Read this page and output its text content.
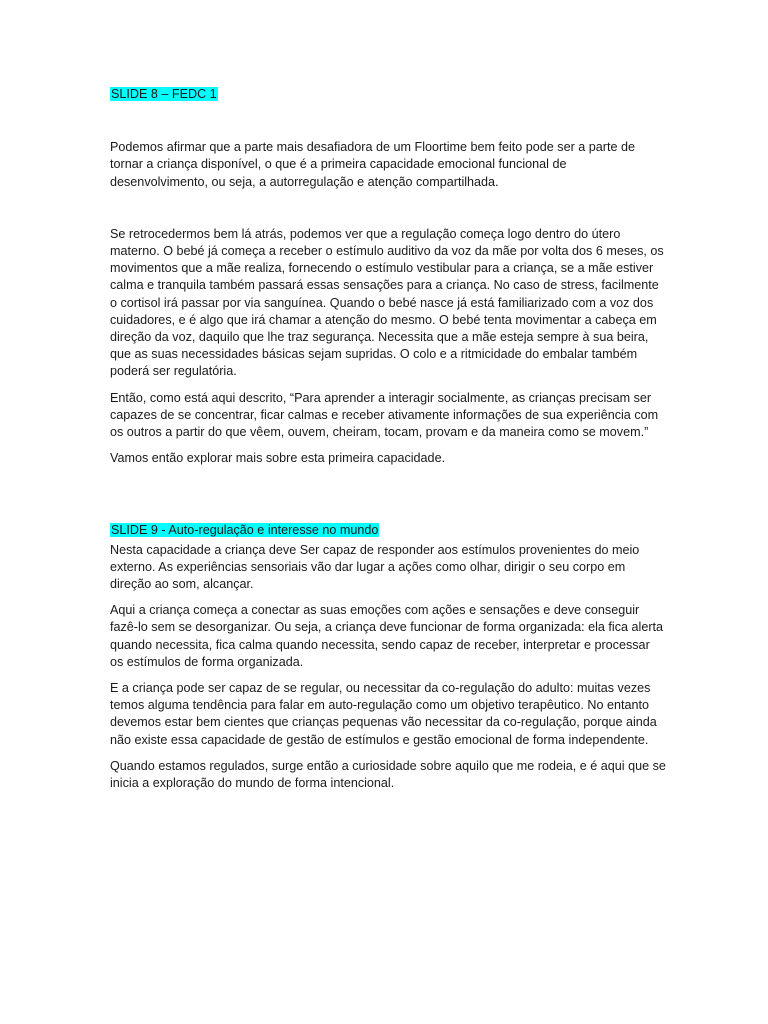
SLIDE 8 – FEDC 1

Podemos afirmar que a parte mais desafiadora de um Floortime bem feito pode ser a parte de tornar a criança disponível, o que é a primeira capacidade emocional funcional de desenvolvimento, ou seja, a autorregulação e atenção compartilhada.

Se retrocedermos bem lá atrás, podemos ver que a regulação começa logo dentro do útero materno. O bebé já começa a receber o estímulo auditivo da voz da mãe por volta dos 6 meses, os movimentos que a mãe realiza, fornecendo o estímulo vestibular para a criança, se a mãe estiver calma e tranquila também passará essas sensações para a criança. No caso de stress, facilmente o cortisol irá passar por via sanguínea. Quando o bebé nasce já está familiarizado com a voz dos cuidadores, e é algo que irá chamar a atenção do mesmo. O bebé tenta movimentar a cabeça em direção da voz, daquilo que lhe traz segurança. Necessita que a mãe esteja sempre à sua beira, que as suas necessidades básicas sejam supridas. O colo e a ritmicidade do embalar também poderá ser regulatória.

Então, como está aqui descrito, “Para aprender a interagir socialmente, as crianças precisam ser capazes de se concentrar, ficar calmas e receber ativamente informações de sua experiência com os outros a partir do que vêem, ouvem, cheiram, tocam, provam e da maneira como se movem.”

Vamos então explorar mais sobre esta primeira capacidade.

SLIDE 9 - Auto-regulação e interesse no mundo

Nesta capacidade a criança deve Ser capaz de responder aos estímulos provenientes do meio externo. As experiências sensoriais vão dar lugar a ações como olhar, dirigir o seu corpo em direção ao som, alcançar.

Aqui a criança começa a conectar as suas emoções com ações e sensações e deve conseguir fazê-lo sem se desorganizar. Ou seja, a criança deve funcionar de forma organizada: ela fica alerta quando necessita, fica calma quando necessita, sendo capaz de receber, interpretar e processar os estímulos de forma organizada.

E a criança pode ser capaz de se regular, ou necessitar da co-regulação do adulto: muitas vezes temos alguma tendência para falar em auto-regulação como um objetivo terapêutico. No entanto devemos estar bem cientes que crianças pequenas vão necessitar da co-regulação, porque ainda não existe essa capacidade de gestão de estímulos e gestão emocional de forma independente.

Quando estamos regulados, surge então a curiosidade sobre aquilo que me rodeia, e é aqui que se inicia a exploração do mundo de forma intencional.
